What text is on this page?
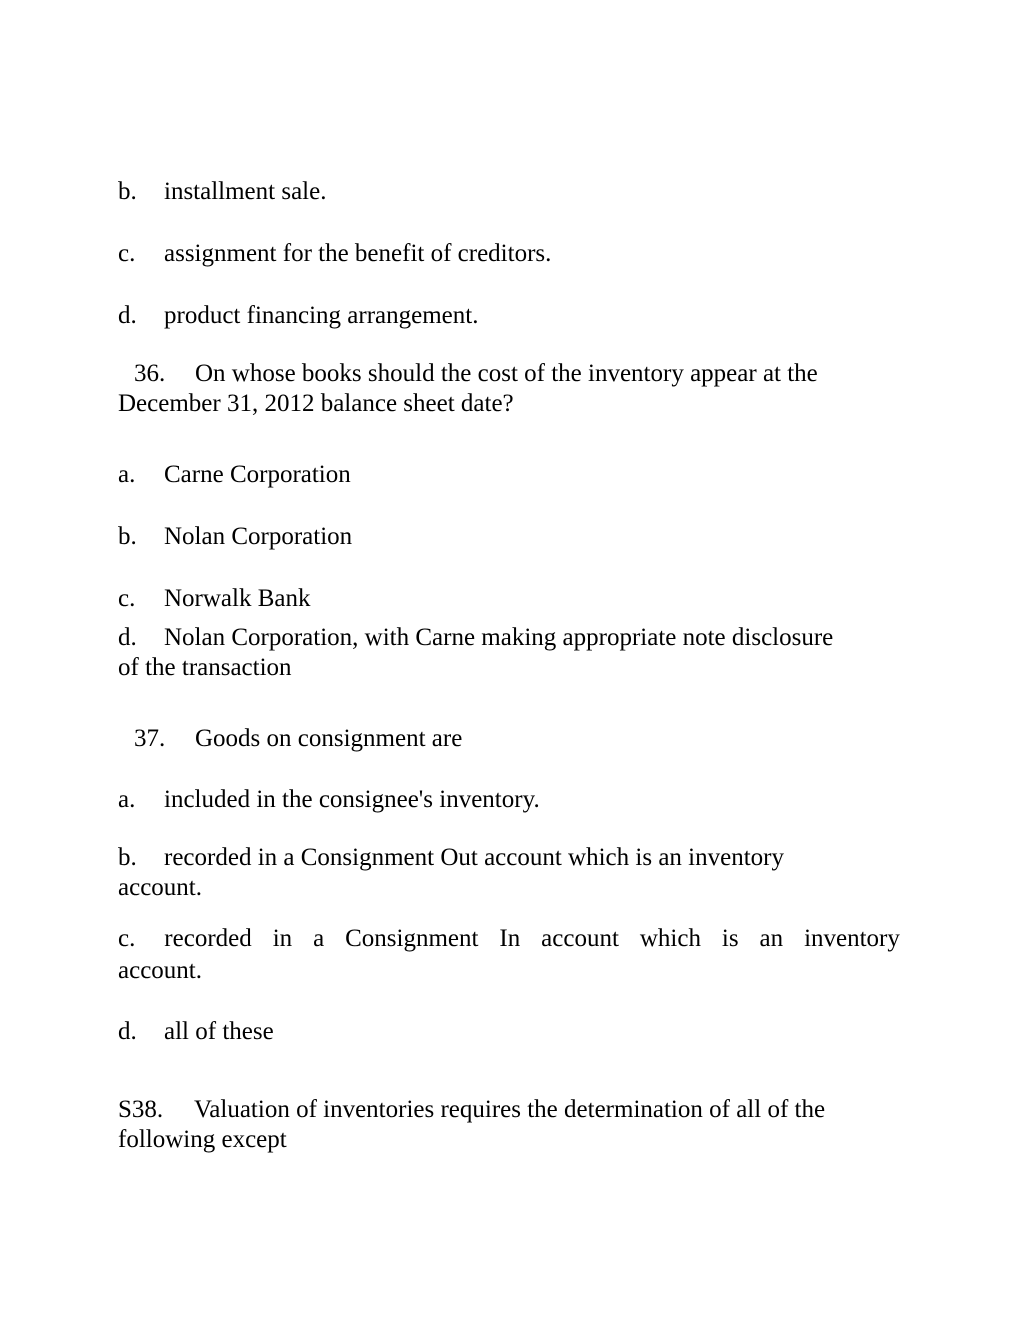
b. installment sale.
c. assignment for the benefit of creditors.
d. product financing arrangement.
36. On whose books should the cost of the inventory appear at the
December 31, 2012 balance sheet date?
a. Carne Corporation
b. Nolan Corporation
c. Norwalk Bank
d. Nolan Corporation, with Carne making appropriate note disclosure
of the transaction
37. Goods on consignment are
a. included in the consignee's inventory.
b. recorded in a Consignment Out account which is an inventory
account.
c. recorded in a Consignment In account which is an inventory
account.
d. all of these
S38. Valuation of inventories requires the determination of all of the
following except
